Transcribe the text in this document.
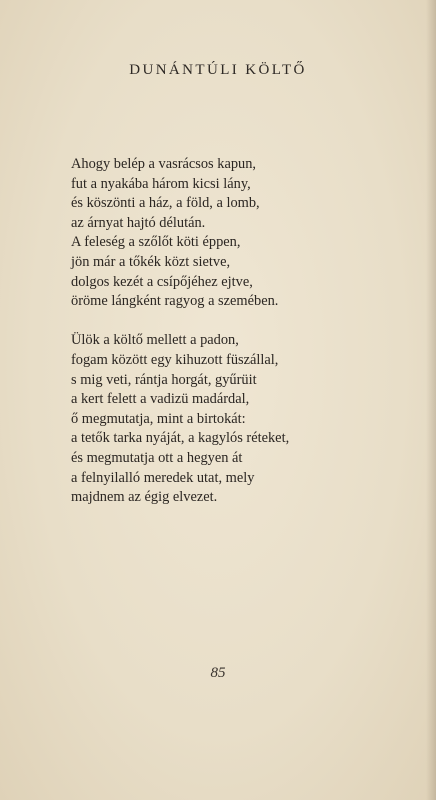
DUNÁNTÚLI KÖLTŐ
Ahogy belép a vasrácsos kapun,
fut a nyakába három kicsi lány,
és köszönti a ház, a föld, a lomb,
az árnyat hajtó délután.
A feleség a szőlőt köti éppen,
jön már a tőkék közt sietve,
dolgos kezét a csípőjéhez ejtve,
öröme lángként ragyog a szemében.
Ülök a költő mellett a padon,
fogam között egy kihuzott füszállal,
s mig veti, rántja horgát, gyűrüit
a kert felett a vadizü madárdal,
ő megmutatja, mint a birtokát:
a tetők tarka nyáját, a kagylós réteket,
és megmutatja ott a hegyen át
a felnyilalló meredek utat, mely
majdnem az égig elvezet.
85
